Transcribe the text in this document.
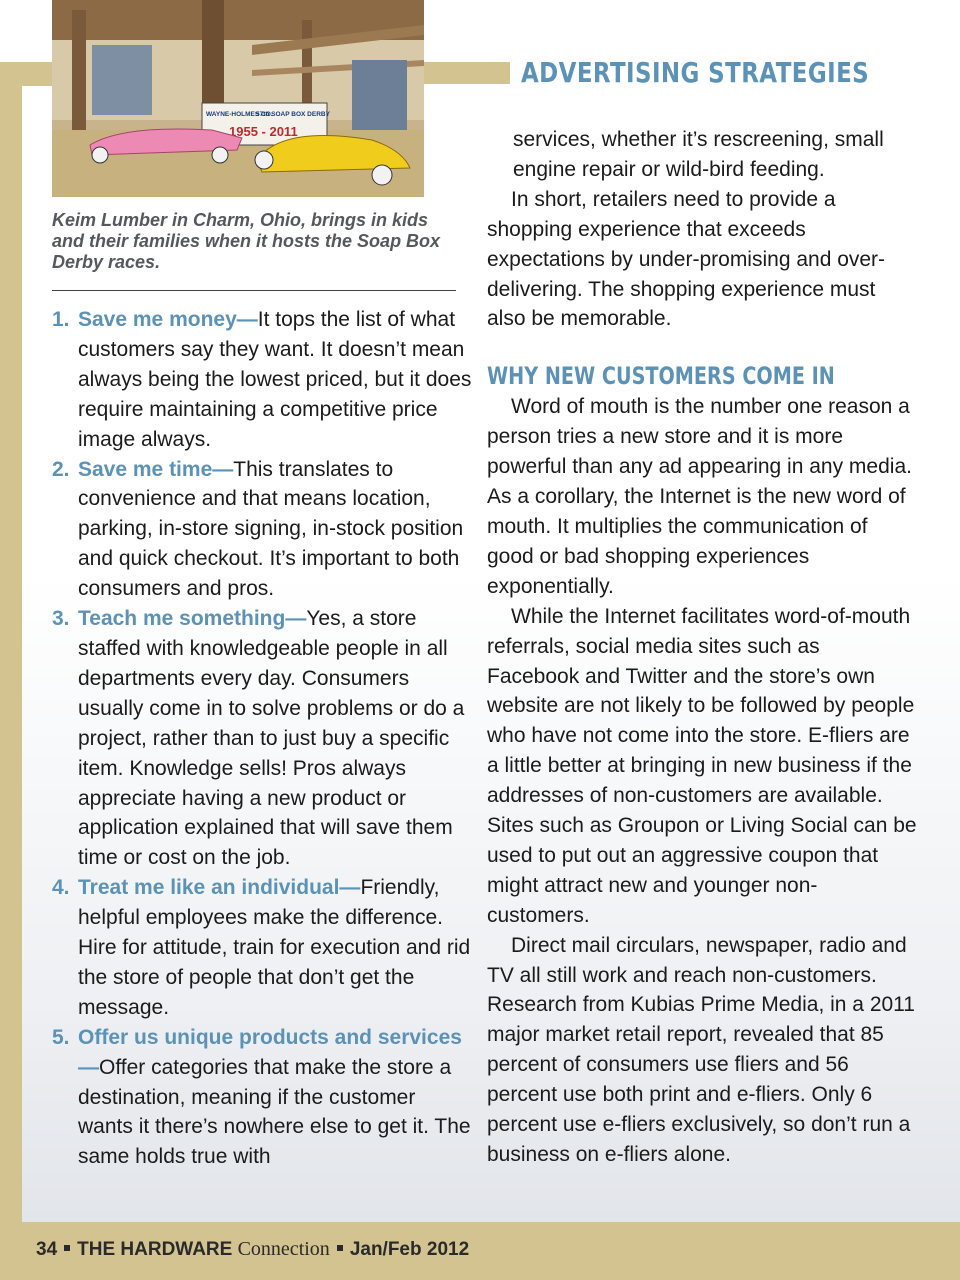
WAYNE-HOLMES CO.
57th SOAP BOX DERBY
1955 - 2011
Keim Lumber in Charm, Ohio, brings in kids and their families when it hosts the Soap Box Derby races.
ADVERTISING STRATEGIES
1. Save me money—It tops the list of what customers say they want. It doesn’t mean always being the lowest priced, but it does require maintaining a competitive price image always.
2. Save me time—This translates to convenience and that means location, parking, in-store signing, in-stock position and quick checkout. It’s important to both consumers and pros.
3. Teach me something—Yes, a store staffed with knowledgeable people in all departments every day. Consumers usually come in to solve problems or do a project, rather than to just buy a specific item. Knowledge sells! Pros always appreciate having a new product or application explained that will save them time or cost on the job.
4. Treat me like an individual—Friendly, helpful employees make the difference. Hire for attitude, train for execution and rid the store of people that don’t get the message.
5. Offer us unique products and services—Offer categories that make the store a destination, meaning if the customer wants it there’s nowhere else to get it. The same holds true with

services, whether it’s rescreening, small engine repair or wild-bird feeding.

In short, retailers need to provide a shopping experience that exceeds expectations by under-promising and over-delivering. The shopping experience must also be memorable.

WHY NEW CUSTOMERS COME IN

Word of mouth is the number one reason a person tries a new store and it is more powerful than any ad appearing in any media. As a corollary, the Internet is the new word of mouth. It multiplies the communication of good or bad shopping experiences exponentially.

While the Internet facilitates word-of-mouth referrals, social media sites such as Facebook and Twitter and the store’s own website are not likely to be followed by people who have not come into the store. E-fliers are a little better at bringing in new business if the addresses of non-customers are available. Sites such as Groupon or Living Social can be used to put out an aggressive coupon that might attract new and younger non-customers.

Direct mail circulars, newspaper, radio and TV all still work and reach non-customers. Research from Kubias Prime Media, in a 2011 major market retail report, revealed that 85 percent of consumers use fliers and 56 percent use both print and e-fliers. Only 6 percent use e-fliers exclusively, so don’t run a business on e-fliers alone.

34 THE HARDWARE Connection Jan/Feb 2012
